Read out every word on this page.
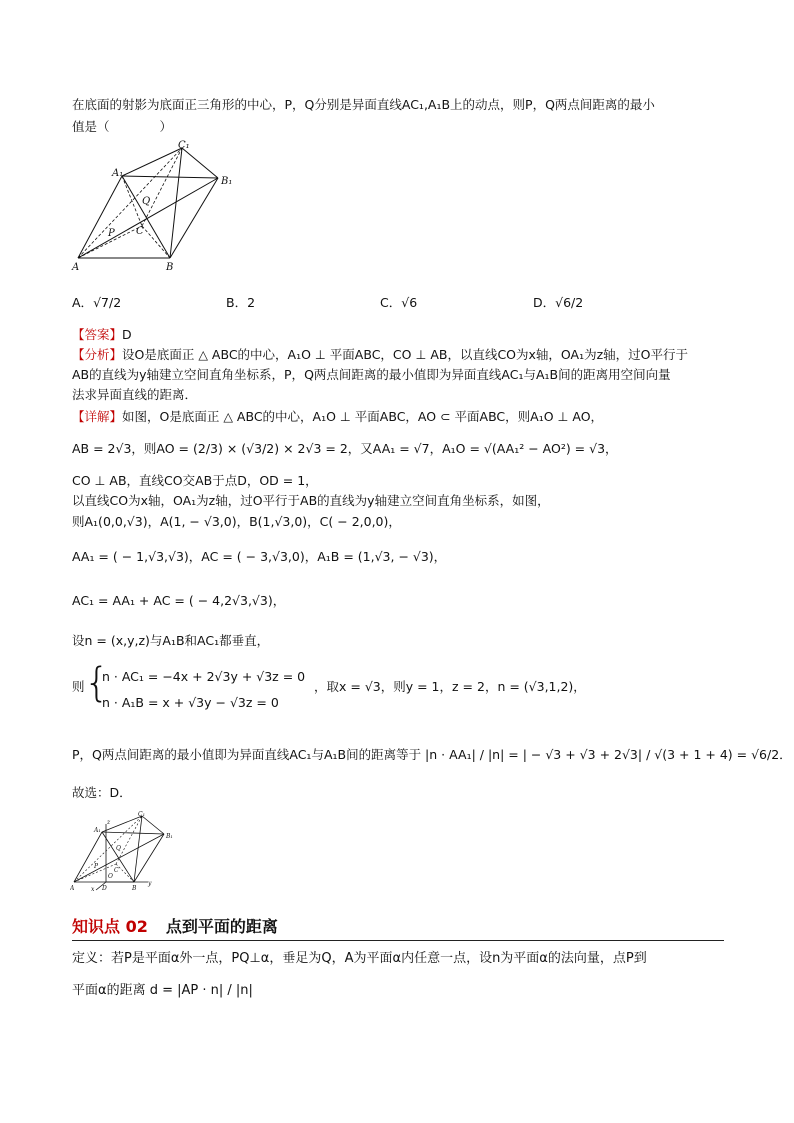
在底面的射影为底面正三角形的中心，P，Q分别是异面直线AC₁,A₁B上的动点，则P，Q两点间距离的最小
值是（　　　　）
C₁
A₁
B₁
Q
P C
A	B
A．√7/2	B．2	C．√6	D．√6/2
【答案】D
【分析】设O是底面正 △ ABC的中心，A₁O ⊥ 平面ABC，CO ⊥ AB，以直线CO为x轴，OA₁为z轴，过O平行于
AB的直线为y轴建立空间直角坐标系，P，Q两点间距离的最小值即为异面直线AC₁与A₁B间的距离用空间向量
法求异面直线的距离．
【详解】如图，O是底面正 △ ABC的中心，A₁O ⊥ 平面ABC，AO ⊂ 平面ABC，则A₁O ⊥ AO，
AB = 2√3，则AO = (2/3) × (√3/2) × 2√3 = 2，又AA₁ = √7，A₁O = √(AA₁² − AO²) = √3，
CO ⊥ AB，直线CO交AB于点D，OD = 1，
以直线CO为x轴，OA₁为z轴，过O平行于AB的直线为y轴建立空间直角坐标系，如图，
则A₁(0,0,√3)，A(1, − √3,0)，B(1,√3,0)，C( − 2,0,0)，
AA₁ = ( − 1,√3,√3)，AC = ( − 3,√3,0)，A₁B = (1,√3, − √3)，
AC₁ = AA₁ + AC = ( − 4,2√3,√3)，
设n = (x,y,z)与A₁B和AC₁都垂直，
则 {
n · AC₁ = −4x + 2√3y + √3z = 0
，取x = √3，则y = 1，z = 2，n = (√3,1,2)，
n · A₁B = x + √3y − √3z = 0
P，Q两点间距离的最小值即为异面直线AC₁与A₁B间的距离等于 |n · AA₁| / |n| = | − √3 + √3 + 2√3| / √(3 + 1 + 4) = √6/2．
故选：D．
C₁
A₁
B₁
Q
P
C
O
A	B
D
y
x
z
知识点 02 点到平面的距离
定义：若P是平面α外一点，PQ⊥α，垂足为Q，A为平面α内任意一点，设n为平面α的法向量，点P到
平面α的距离 d = |AP · n| / |n|
